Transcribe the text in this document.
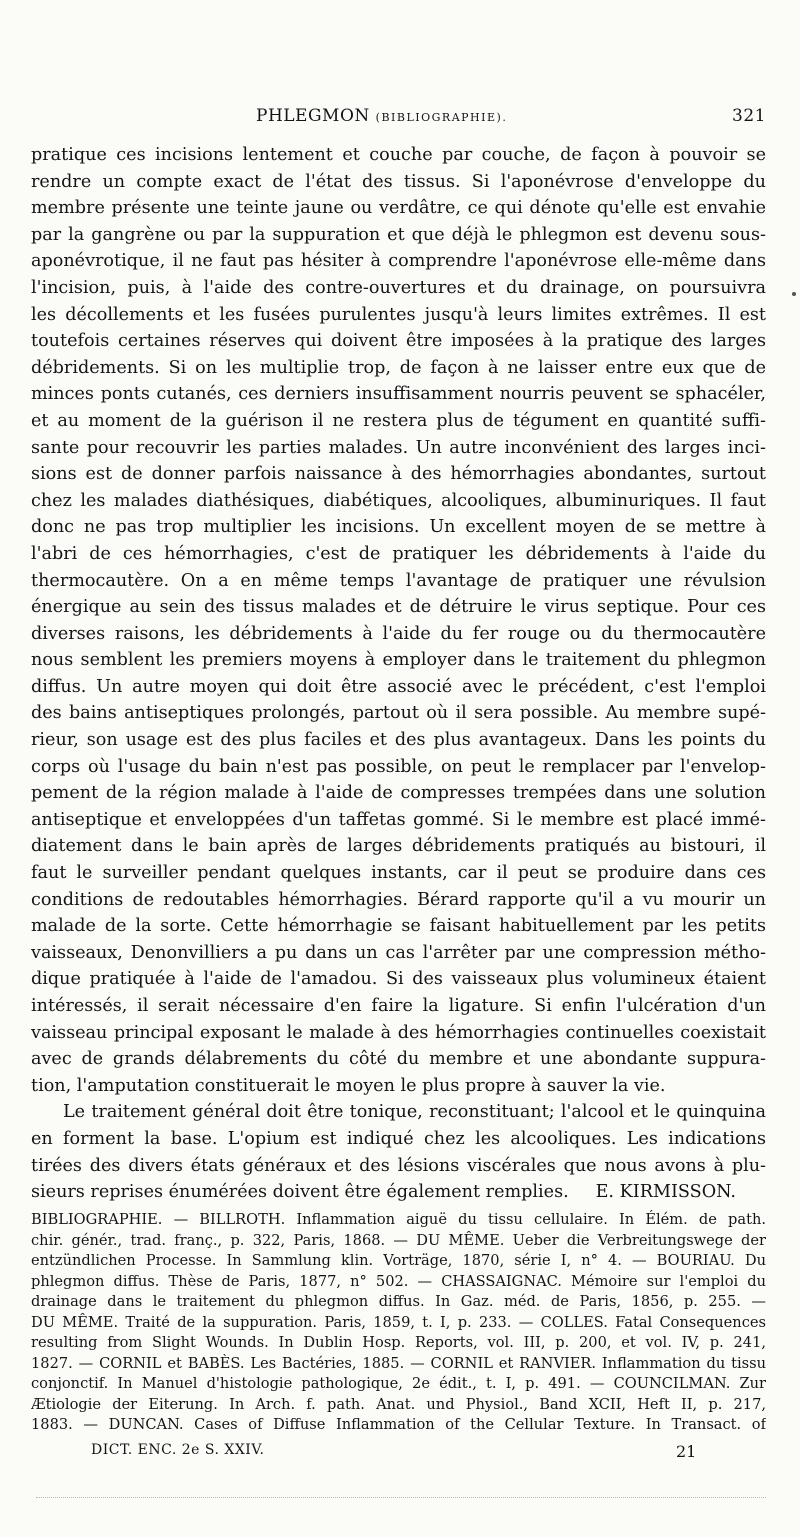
PHLEGMON (BIBLIOGRAPHIE).	321
pratique ces incisions lentement et couche par couche, de façon à pouvoir se
rendre un compte exact de l'état des tissus. Si l'aponévrose d'enveloppe du
membre présente une teinte jaune ou verdâtre, ce qui dénote qu'elle est envahie
par la gangrène ou par la suppuration et que déjà le phlegmon est devenu sous-
aponévrotique, il ne faut pas hésiter à comprendre l'aponévrose elle-même dans
l'incision, puis, à l'aide des contre-ouvertures et du drainage, on poursuivra
les décollements et les fusées purulentes jusqu'à leurs limites extrêmes. Il est
toutefois certaines réserves qui doivent être imposées à la pratique des larges
débridements. Si on les multiplie trop, de façon à ne laisser entre eux que de
minces ponts cutanés, ces derniers insuffisamment nourris peuvent se sphacéler,
et au moment de la guérison il ne restera plus de tégument en quantité suffi-
sante pour recouvrir les parties malades. Un autre inconvénient des larges inci-
sions est de donner parfois naissance à des hémorrhagies abondantes, surtout
chez les malades diathésiques, diabétiques, alcooliques, albuminuriques. Il faut
donc ne pas trop multiplier les incisions. Un excellent moyen de se mettre à
l'abri de ces hémorrhagies, c'est de pratiquer les débridements à l'aide du
thermocautère. On a en même temps l'avantage de pratiquer une révulsion
énergique au sein des tissus malades et de détruire le virus septique. Pour ces
diverses raisons, les débridements à l'aide du fer rouge ou du thermocautère
nous semblent les premiers moyens à employer dans le traitement du phlegmon
diffus. Un autre moyen qui doit être associé avec le précédent, c'est l'emploi
des bains antiseptiques prolongés, partout où il sera possible. Au membre supé-
rieur, son usage est des plus faciles et des plus avantageux. Dans les points du
corps où l'usage du bain n'est pas possible, on peut le remplacer par l'envelop-
pement de la région malade à l'aide de compresses trempées dans une solution
antiseptique et enveloppées d'un taffetas gommé. Si le membre est placé immé-
diatement dans le bain après de larges débridements pratiqués au bistouri, il
faut le surveiller pendant quelques instants, car il peut se produire dans ces
conditions de redoutables hémorrhagies. Bérard rapporte qu'il a vu mourir un
malade de la sorte. Cette hémorrhagie se faisant habituellement par les petits
vaisseaux, Denonvilliers a pu dans un cas l'arrêter par une compression métho-
dique pratiquée à l'aide de l'amadou. Si des vaisseaux plus volumineux étaient
intéressés, il serait nécessaire d'en faire la ligature. Si enfin l'ulcération d'un
vaisseau principal exposant le malade à des hémorrhagies continuelles coexistait
avec de grands délabrements du côté du membre et une abondante suppura-
tion, l'amputation constituerait le moyen le plus propre à sauver la vie.
Le traitement général doit être tonique, reconstituant; l'alcool et le quinquina
en forment la base. L'opium est indiqué chez les alcooliques. Les indications
tirées des divers états généraux et des lésions viscérales que nous avons à plu-
sieurs reprises énumérées doivent être également remplies. E. KIRMISSON.
BIBLIOGRAPHIE. — BILLROTH. Inflammation aiguë du tissu cellulaire. In Élém. de path.
chir. génér., trad. franç., p. 322, Paris, 1868. — DU MÊME. Ueber die Verbreitungswege der
entzündlichen Processe. In Sammlung klin. Vorträge, 1870, série I, n° 4. — BOURIAU. Du
phlegmon diffus. Thèse de Paris, 1877, n° 502. — CHASSAIGNAC. Mémoire sur l'emploi du
drainage dans le traitement du phlegmon diffus. In Gaz. méd. de Paris, 1856, p. 255. —
DU MÊME. Traité de la suppuration. Paris, 1859, t. I, p. 233. — COLLES. Fatal Consequences
resulting from Slight Wounds. In Dublin Hosp. Reports, vol. III, p. 200, et vol. IV, p. 241,
1827. — CORNIL et BABÈS. Les Bactéries, 1885. — CORNIL et RANVIER. Inflammation du tissu
conjonctif. In Manuel d'histologie pathologique, 2e édit., t. I, p. 491. — COUNCILMAN. Zur
Ætiologie der Eiterung. In Arch. f. path. Anat. und Physiol., Band XCII, Heft II, p. 217,
1883. — DUNCAN. Cases of Diffuse Inflammation of the Cellular Texture. In Transact. of
DICT. ENC. 2e S. XXIV.	21
